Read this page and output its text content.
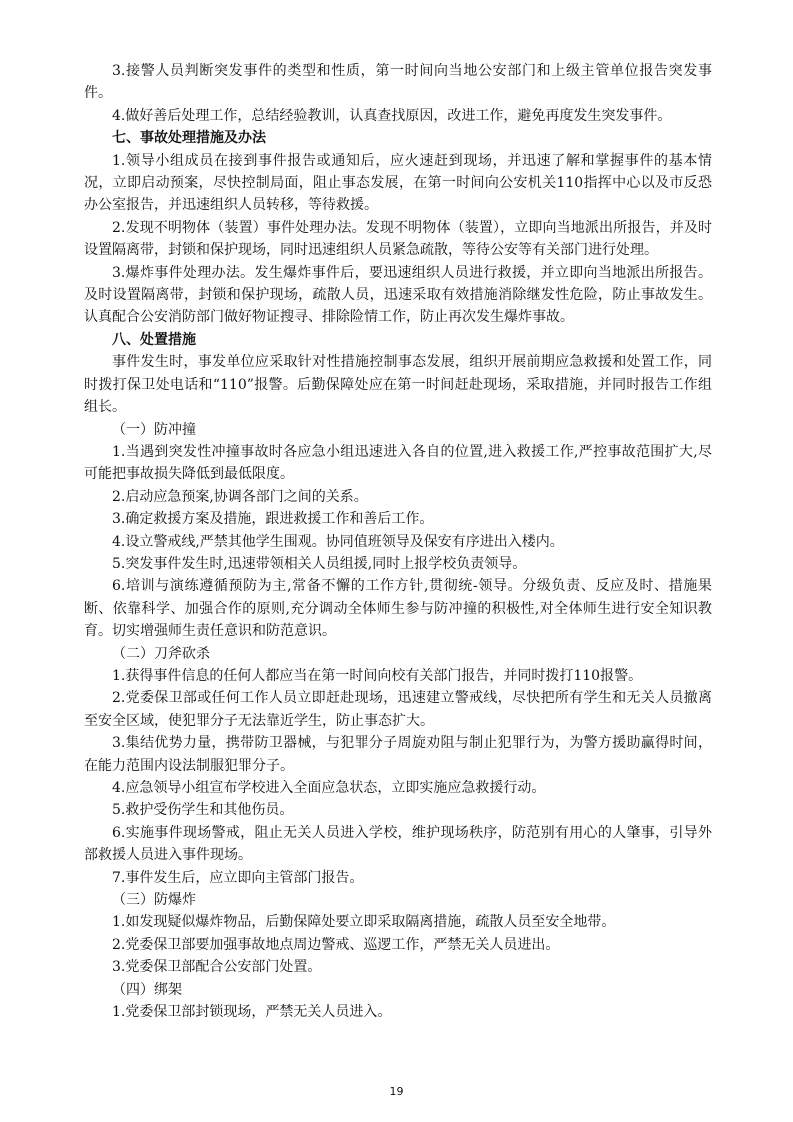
3.接警人员判断突发事件的类型和性质，第一时间向当地公安部门和上级主管单位报告突发事件。

4.做好善后处理工作，总结经验教训，认真查找原因，改进工作，避免再度发生突发事件。

七、事故处理措施及办法

1.领导小组成员在接到事件报告或通知后，应火速赶到现场，并迅速了解和掌握事件的基本情况，立即启动预案，尽快控制局面，阻止事态发展，在第一时间向公安机关110指挥中心以及市反恐办公室报告，并迅速组织人员转移，等待救援。

2.发现不明物体（装置）事件处理办法。发现不明物体（装置），立即向当地派出所报告，并及时设置隔离带，封锁和保护现场，同时迅速组织人员紧急疏散，等待公安等有关部门进行处理。

3.爆炸事件处理办法。发生爆炸事件后，要迅速组织人员进行救援，并立即向当地派出所报告。及时设置隔离带，封锁和保护现场，疏散人员，迅速采取有效措施消除继发性危险，防止事故发生。认真配合公安消防部门做好物证搜寻、排除险情工作，防止再次发生爆炸事故。

八、处置措施

事件发生时，事发单位应采取针对性措施控制事态发展，组织开展前期应急救援和处置工作，同时拨打保卫处电话和“110”报警。后勤保障处应在第一时间赶赴现场，采取措施，并同时报告工作组组长。

（一）防冲撞

1.当遇到突发性冲撞事故时各应急小组迅速进入各自的位置,进入救援工作,严控事故范围扩大,尽可能把事故损失降低到最低限度。

2.启动应急预案,协调各部门之间的关系。

3.确定救援方案及措施，跟进救援工作和善后工作。

4.设立警戒线,严禁其他学生围观。协同值班领导及保安有序进出入楼内。

5.突发事件发生时,迅速带领相关人员组援,同时上报学校负责领导。

6.培训与演练遵循预防为主,常备不懈的工作方针,贯彻统-领导。分级负责、反应及时、措施果断、依靠科学、加强合作的原则,充分调动全体师生参与防冲撞的积极性,对全体师生进行安全知识教育。切实增强师生责任意识和防范意识。

（二）刀斧砍杀

1.获得事件信息的任何人都应当在第一时间向校有关部门报告，并同时拨打110报警。

2.党委保卫部或任何工作人员立即赶赴现场，迅速建立警戒线，尽快把所有学生和无关人员撤离至安全区域，使犯罪分子无法靠近学生，防止事态扩大。

3.集结优势力量，携带防卫器械，与犯罪分子周旋劝阻与制止犯罪行为，为警方援助赢得时间，在能力范围内设法制服犯罪分子。

4.应急领导小组宣布学校进入全面应急状态，立即实施应急救援行动。

5.救护受伤学生和其他伤员。

6.实施事件现场警戒，阻止无关人员进入学校，维护现场秩序，防范别有用心的人肇事，引导外部救援人员进入事件现场。

7.事件发生后，应立即向主管部门报告。

（三）防爆炸

1.如发现疑似爆炸物品，后勤保障处要立即采取隔离措施，疏散人员至安全地带。

2.党委保卫部要加强事故地点周边警戒、巡逻工作，严禁无关人员进出。

3.党委保卫部配合公安部门处置。

（四）绑架

1.党委保卫部封锁现场，严禁无关人员进入。

19
